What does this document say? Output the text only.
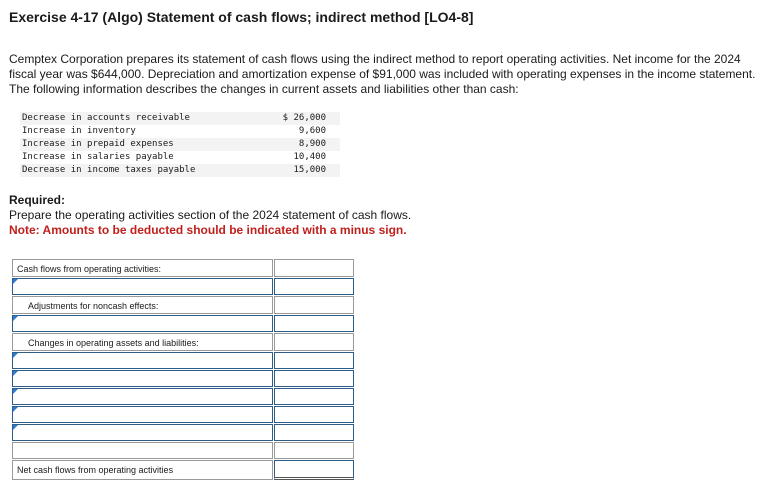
Exercise 4-17 (Algo) Statement of cash flows; indirect method [LO4-8]
Cemptex Corporation prepares its statement of cash flows using the indirect method to report operating activities. Net income for the 2024 fiscal year was $644,000. Depreciation and amortization expense of $91,000 was included with operating expenses in the income statement. The following information describes the changes in current assets and liabilities other than cash:
Decrease in accounts receivable	$ 26,000
Increase in inventory	9,600
Increase in prepaid expenses	8,900
Increase in salaries payable	10,400
Decrease in income taxes payable	15,000
Required:
Prepare the operating activities section of the 2024 statement of cash flows.
Note: Amounts to be deducted should be indicated with a minus sign.
Cash flows from operating activities:
Adjustments for noncash effects:
Changes in operating assets and liabilities:
Net cash flows from operating activities
